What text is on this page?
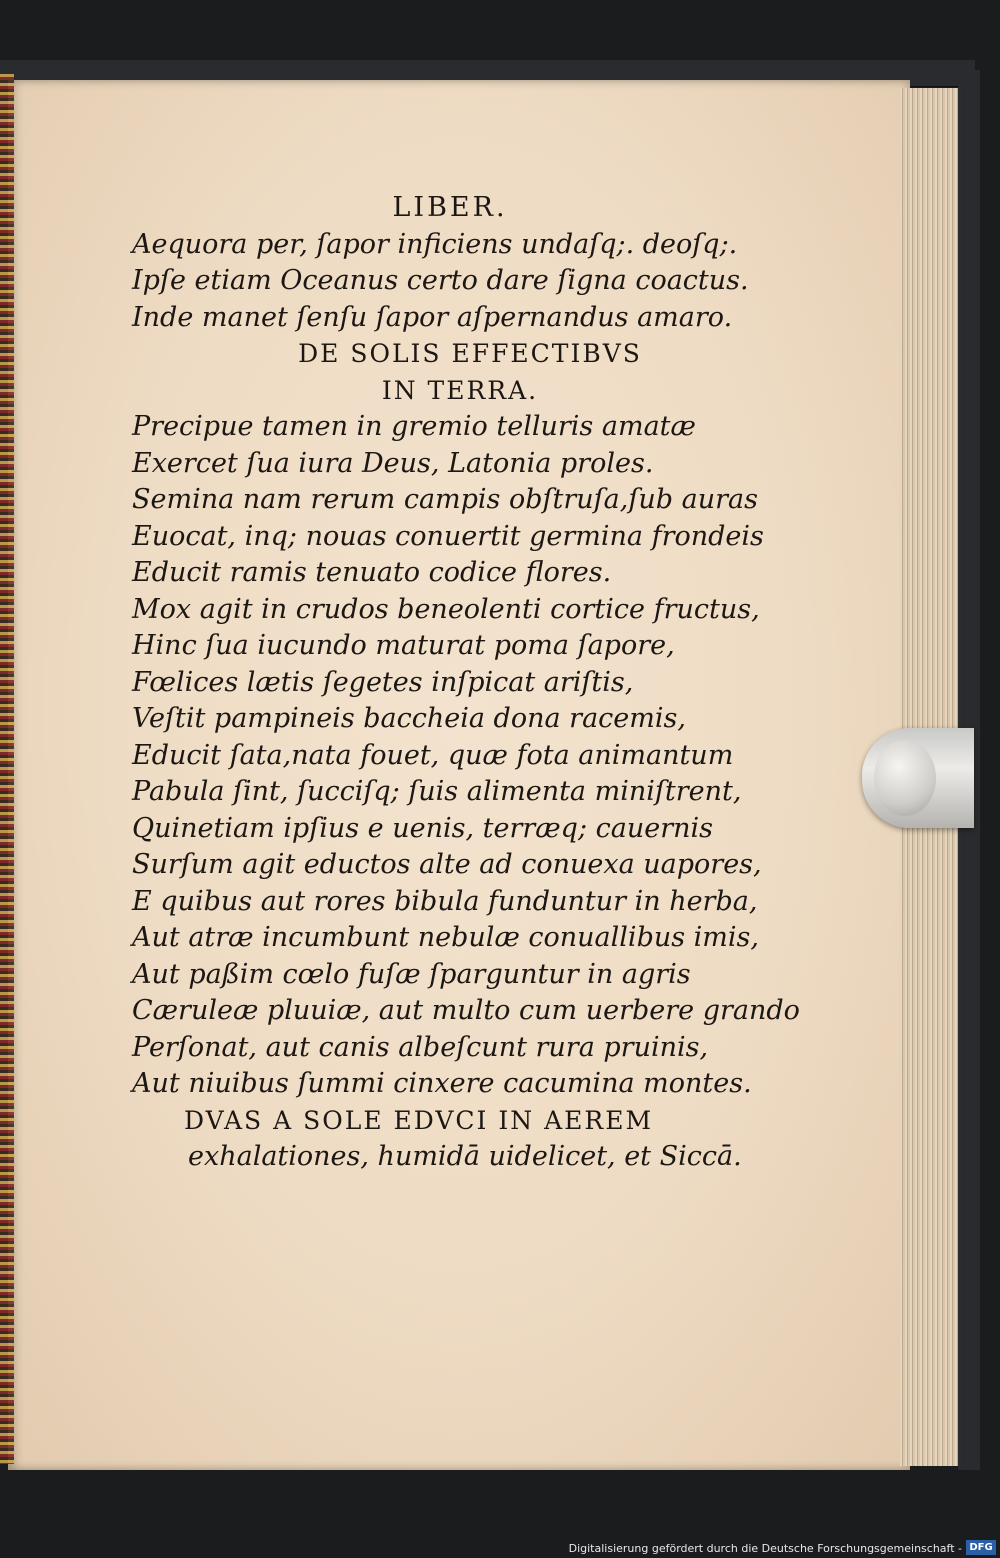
LIBER.

Aequora per, ſapor inficiens undaſq;. deoſq;.

Ipſe etiam Oceanus certo dare ſigna coactus.

Inde manet ſenſu ſapor aſpernandus amaro.

DE SOLIS EFFECTIBVS

IN TERRA.

Precipue tamen in gremio telluris amatæ

Exercet ſua iura Deus, Latonia proles.

Semina nam rerum campis obſtruſa,ſub auras

Euocat, inq; nouas conuertit germina frondeis

Educit ramis tenuato codice flores.

Mox agit in crudos beneolenti cortice fructus,

Hinc ſua iucundo maturat poma ſapore,

Fœlices lætis ſegetes inſpicat ariſtis,

Veſtit pampineis baccheia dona racemis,

Educit ſata,nata fouet, quæ fota animantum

Pabula ſint, ſucciſq; ſuis alimenta miniſtrent,

Quinetiam ipſius e uenis, terræq; cauernis

Surſum agit eductos alte ad conuexa uapores,

E quibus aut rores bibula funduntur in herba,

Aut atræ incumbunt nebulæ conuallibus imis,

Aut paßim cœlo fuſæ ſparguntur in agris

Cæruleæ pluuiæ, aut multo cum uerbere grando

Perſonat, aut canis albeſcunt rura pruinis,

Aut niuibus ſummi cinxere cacumina montes.

DVAS A SOLE EDVCI IN AEREM

exhalationes, humidā uidelicet, et Siccā.

Digitalisierung gefördert durch die Deutsche Forschungsgemeinschaft - DFG
